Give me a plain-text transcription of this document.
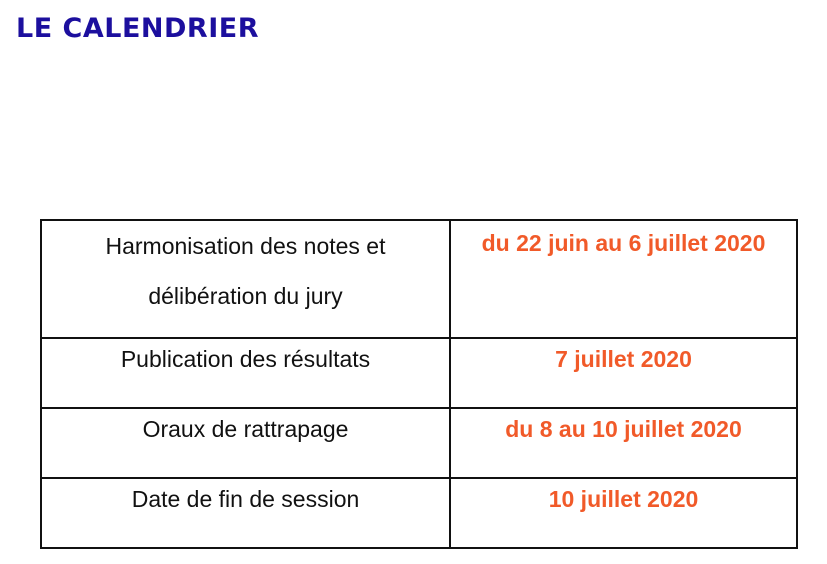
LE CALENDRIER
Harmonisation des notes et
délibération du jury	du 22 juin au 6 juillet 2020

Publication des résultats	7 juillet 2020

Oraux de rattrapage	du 8 au 10 juillet 2020

Date de fin de session	10 juillet 2020
